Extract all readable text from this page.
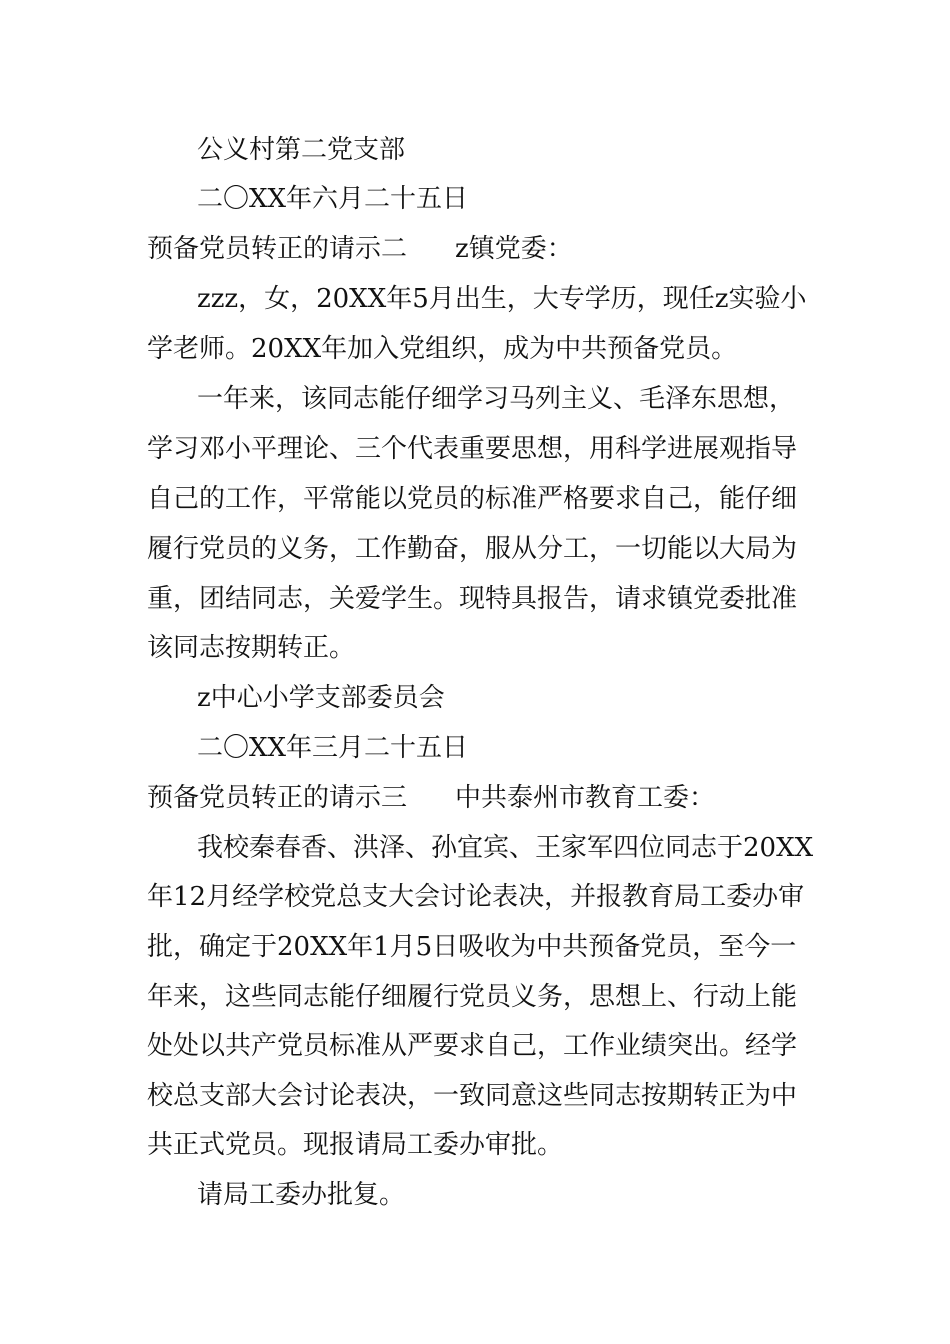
公义村第二党支部
二〇XX年六月二十五日
预备党员转正的请示二 z镇党委：
zzz，女，20XX年5月出生，大专学历，现任z实验小
学老师。20XX年加入党组织，成为中共预备党员。
一年来，该同志能仔细学习马列主义、毛泽东思想，
学习邓小平理论、三个代表重要思想，用科学进展观指导
自己的工作，平常能以党员的标准严格要求自己，能仔细
履行党员的义务，工作勤奋，服从分工，一切能以大局为
重，团结同志，关爱学生。现特具报告，请求镇党委批准
该同志按期转正。
z中心小学支部委员会
二〇XX年三月二十五日
预备党员转正的请示三 中共泰州市教育工委：
我校秦春香、洪泽、孙宜宾、王家军四位同志于20XX
年12月经学校党总支大会讨论表决，并报教育局工委办审
批，确定于20XX年1月5日吸收为中共预备党员，至今一
年来，这些同志能仔细履行党员义务，思想上、行动上能
处处以共产党员标准从严要求自己，工作业绩突出。经学
校总支部大会讨论表决，一致同意这些同志按期转正为中
共正式党员。现报请局工委办审批。
请局工委办批复。
